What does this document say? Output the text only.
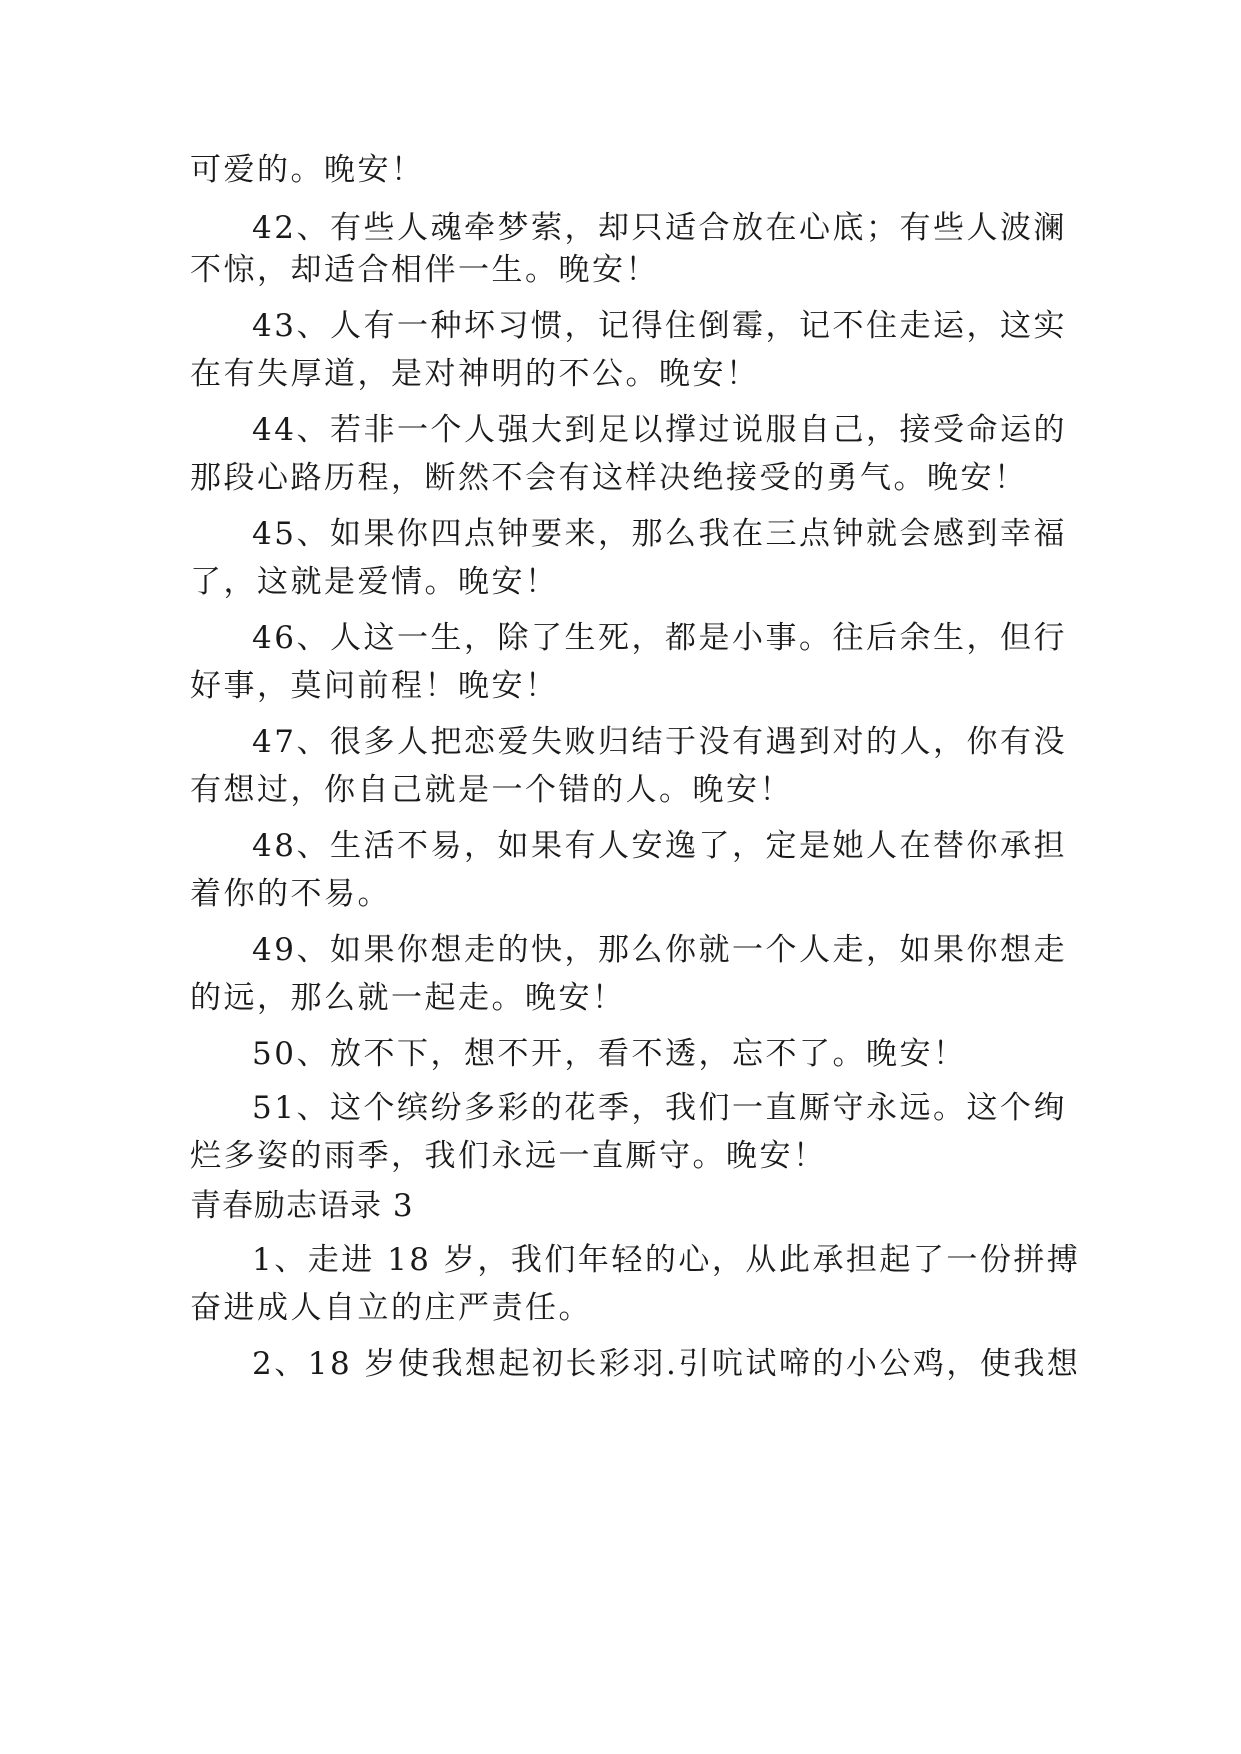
可爱的。晚安！
42、有些人魂牵梦萦，却只适合放在心底；有些人波澜
不惊，却适合相伴一生。晚安！
43、人有一种坏习惯，记得住倒霉，记不住走运，这实
在有失厚道，是对神明的不公。晚安！
44、若非一个人强大到足以撑过说服自己，接受命运的
那段心路历程，断然不会有这样决绝接受的勇气。晚安！
45、如果你四点钟要来，那么我在三点钟就会感到幸福
了，这就是爱情。晚安！
46、人这一生，除了生死，都是小事。往后余生，但行
好事，莫问前程！晚安！
47、很多人把恋爱失败归结于没有遇到对的人，你有没
有想过，你自己就是一个错的人。晚安！
48、生活不易，如果有人安逸了，定是她人在替你承担
着你的不易。
49、如果你想走的快，那么你就一个人走，如果你想走
的远，那么就一起走。晚安！
50、放不下，想不开，看不透，忘不了。晚安！
51、这个缤纷多彩的花季，我们一直厮守永远。这个绚
烂多姿的雨季，我们永远一直厮守。晚安！
青春励志语录 3
1、走进 18 岁，我们年轻的心，从此承担起了一份拼搏
奋进成人自立的庄严责任。
2、18 岁使我想起初长彩羽.引吭试啼的小公鸡，使我想
